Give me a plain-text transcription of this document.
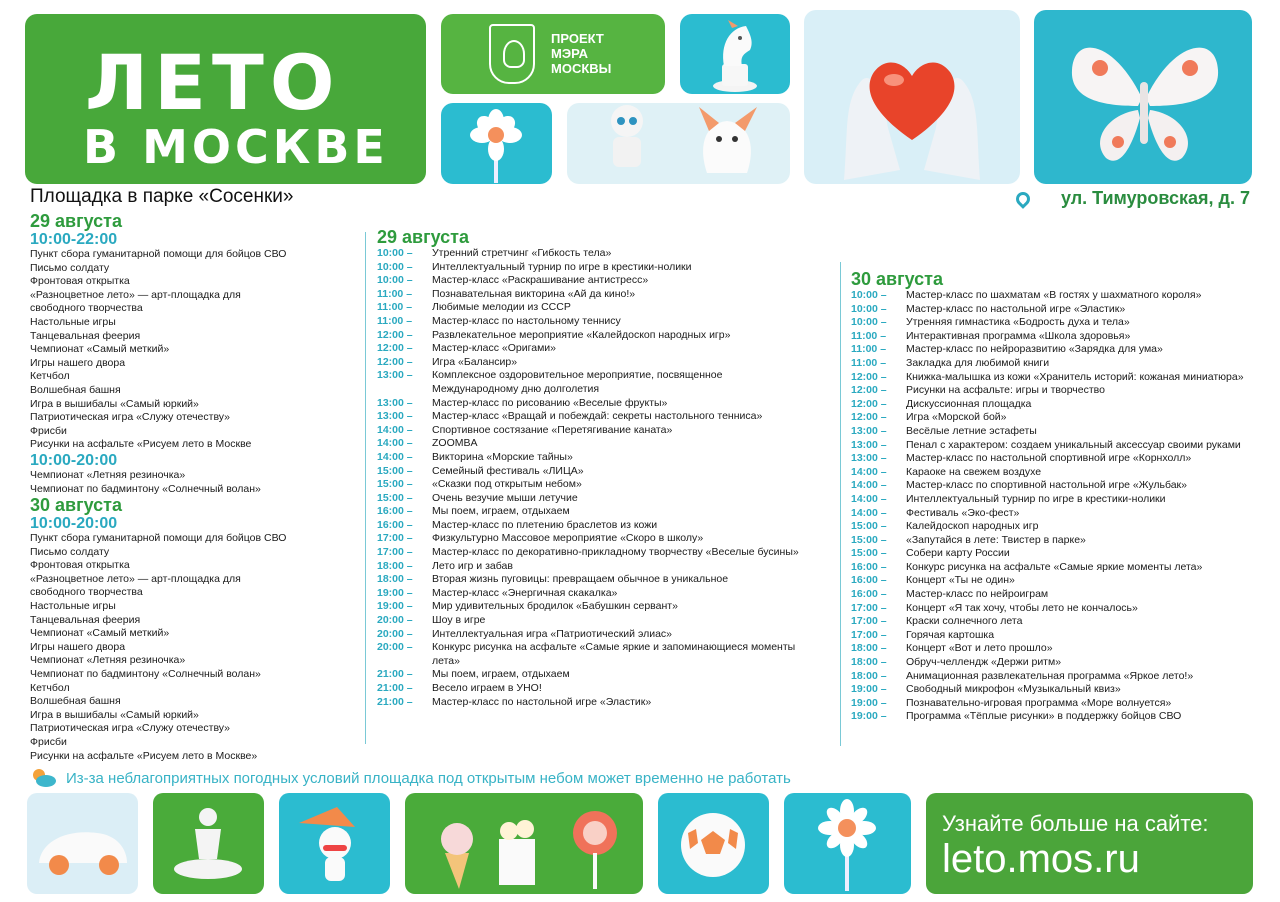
ЛЕТО
В МОСКВЕ
ПРОЕКТ
МЭРА
МОСКВЫ
Площадка в парке «Сосенки»	ул. Тимуровская, д. 7
29 августа
10:00-22:00
Пункт сбора гуманитарной помощи для бойцов СВО
Письмо солдату
Фронтовая открытка
«Разноцветное лето» — арт-площадка для
свободного творчества
Настольные игры
Танцевальная феерия
Чемпионат «Самый меткий»
Игры нашего двора
Кетчбол
Волшебная башня
Игра в вышибалы «Самый юркий»
Патриотическая игра «Служу отечеству»
Фрисби
Рисунки на асфальте «Рисуем лето в Москве
10:00-20:00
Чемпионат «Летняя резиночка»
Чемпионат по бадминтону «Солнечный волан»
30 августа
10:00-20:00
Пункт сбора гуманитарной помощи для бойцов СВО
Письмо солдату
Фронтовая открытка
«Разноцветное лето» — арт-площадка для
свободного творчества
Настольные игры
Танцевальная феерия
Чемпионат «Самый меткий»
Игры нашего двора
Чемпионат «Летняя резиночка»
Чемпионат по бадминтону «Солнечный волан»
Кетчбол
Волшебная башня
Игра в вышибалы «Самый юркий»
Патриотическая игра «Служу отечеству»
Фрисби
Рисунки на асфальте «Рисуем лето в Москве»
29 августа
10:00 –	Утренний стретчинг «Гибкость тела»
10:00 –	Интеллектуальный турнир по игре в крестики-нолики
10:00 –	Мастер-класс «Раскрашивание антистресс»
11:00 –	Познавательная викторина «Ай да кино!»
11:00 –	Любимые мелодии из СССР
11:00 –	Мастер-класс по настольному теннису
12:00 –	Развлекательное мероприятие «Калейдоскоп народных игр»
12:00 –	Мастер-класс «Оригами»
12:00 –	Игра «Балансир»
13:00 –	Комплексное оздоровительное мероприятие, посвященное
Международному дню долголетия
13:00 –	Мастер-класс по рисованию «Веселые фрукты»
13:00 –	Мастер-класс «Вращай и побеждай: секреты настольного тенниса»
14:00 –	Спортивное состязание «Перетягивание каната»
14:00 –	ZOOMBA
14:00 –	Викторина «Морские тайны»
15:00 –	Семейный фестиваль «ЛИЦА»
15:00 –	«Сказки под открытым небом»
15:00 –	Очень везучие мыши летучие
16:00 –	Мы поем, играем, отдыхаем
16:00 –	Мастер-класс по плетению браслетов из кожи
17:00 –	Физкультурно Массовое мероприятие «Скоро в школу»
17:00 –	Мастер-класс по декоративно-прикладному творчеству «Веселые бусины»
18:00 –	Лето игр и забав
18:00 –	Вторая жизнь пуговицы: превращаем обычное в уникальное
19:00 –	Мастер-класс «Энергичная скакалка»
19:00 –	Мир удивительных бродилок «Бабушкин сервант»
20:00 –	Шоу в игре
20:00 –	Интеллектуальная игра «Патриотический элиас»
20:00 –	Конкурс рисунка на асфальте «Самые яркие и запоминающиеся моменты
лета»
21:00 –	Мы поем, играем, отдыхаем
21:00 –	Весело играем в УНО!
21:00 –	Мастер-класс по настольной игре «Эластик»
30 августа
10:00 –	Мастер-класс по шахматам «В гостях у шахматного короля»
10:00 –	Мастер-класс по настольной игре «Эластик»
10:00 –	Утренняя гимнастика «Бодрость духа и тела»
11:00 –	Интерактивная программа «Школа здоровья»
11:00 –	Мастер-класс по нейроразвитию «Зарядка для ума»
11:00 –	Закладка для любимой книги
12:00 –	Книжка-малышка из кожи «Хранитель историй: кожаная миниатюра»
12:00 –	Рисунки на асфальте: игры и творчество
12:00 –	Дискуссионная площадка
12:00 –	Игра «Морской бой»
13:00 –	Весёлые летние эстафеты
13:00 –	Пенал с характером: создаем уникальный аксессуар своими руками
13:00 –	Мастер-класс по настольной спортивной игре «Корнхолл»
14:00 –	Караоке на свежем воздухе
14:00 –	Мастер-класс по спортивной настольной игре «Жульбак»
14:00 –	Интеллектуальный турнир по игре в крестики-нолики
14:00 –	Фестиваль «Эко-фест»
15:00 –	Калейдоскоп народных игр
15:00 –	«Запутайся в лете: Твистер в парке»
15:00 –	Собери карту России
16:00 –	Конкурс рисунка на асфальте «Самые яркие моменты лета»
16:00 –	Концерт «Ты не один»
16:00 –	Мастер-класс по нейроиграм
17:00 –	Концерт «Я так хочу, чтобы лето не кончалось»
17:00 –	Краски солнечного лета
17:00 –	Горячая картошка
18:00 –	Концерт «Вот и лето прошло»
18:00 –	Обруч-челлендж «Держи ритм»
18:00 –	Анимационная развлекательная программа «Яркое лето!»
19:00 –	Свободный микрофон «Музыкальный квиз»
19:00 –	Познавательно-игровая программа «Море волнуется»
19:00 –	Программа «Тёплые рисунки» в поддержку бойцов СВО
Из-за неблагоприятных погодных условий площадка под открытым небом может временно не работать
Узнайте больше на сайте:
leto.mos.ru
